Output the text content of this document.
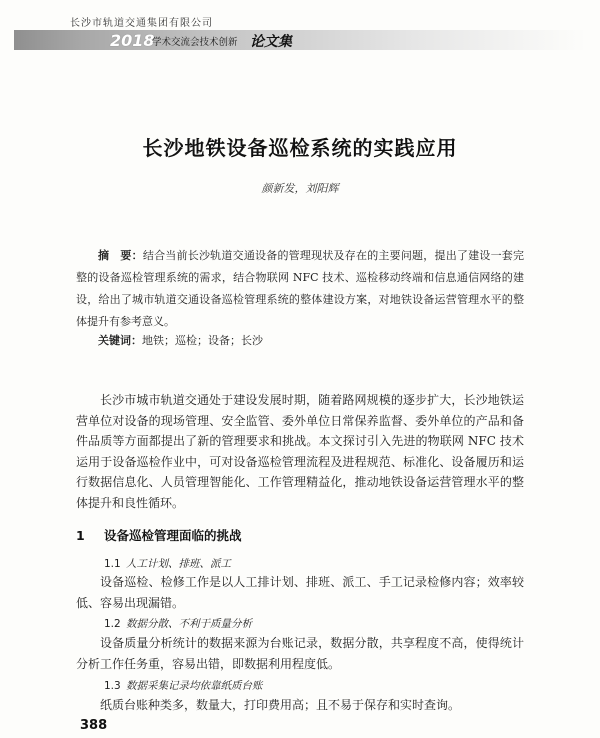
长沙市轨道交通集团有限公司
2018
学术交流会技术创新 论文集
长沙地铁设备巡检系统的实践应用
颜新发，刘阳辉
摘　要：结合当前长沙轨道交通设备的管理现状及存在的主要问题，提出了建设一套完整的设备巡检管理系统的需求，结合物联网 NFC 技术、巡检移动终端和信息通信网络的建设，给出了城市轨道交通设备巡检管理系统的整体建设方案，对地铁设备运营管理水平的整体提升有参考意义。
关键词：地铁；巡检；设备；长沙
长沙市城市轨道交通处于建设发展时期，随着路网规模的逐步扩大，长沙地铁运营单位对设备的现场管理、安全监管、委外单位日常保养监督、委外单位的产品和备件品质等方面都提出了新的管理要求和挑战。本文探讨引入先进的物联网 NFC 技术运用于设备巡检作业中，可对设备巡检管理流程及进程规范、标准化、设备履历和运行数据信息化、人员管理智能化、工作管理精益化，推动地铁设备运营管理水平的整体提升和良性循环。
1 设备巡检管理面临的挑战
1.1 人工计划、排班、派工
设备巡检、检修工作是以人工排计划、排班、派工、手工记录检修内容；效率较低、容易出现漏错。
1.2 数据分散、不利于质量分析
设备质量分析统计的数据来源为台账记录，数据分散，共享程度不高，使得统计分析工作任务重，容易出错，即数据利用程度低。
1.3 数据采集记录均依靠纸质台账
纸质台账种类多，数量大，打印费用高；且不易于保存和实时查询。
388
